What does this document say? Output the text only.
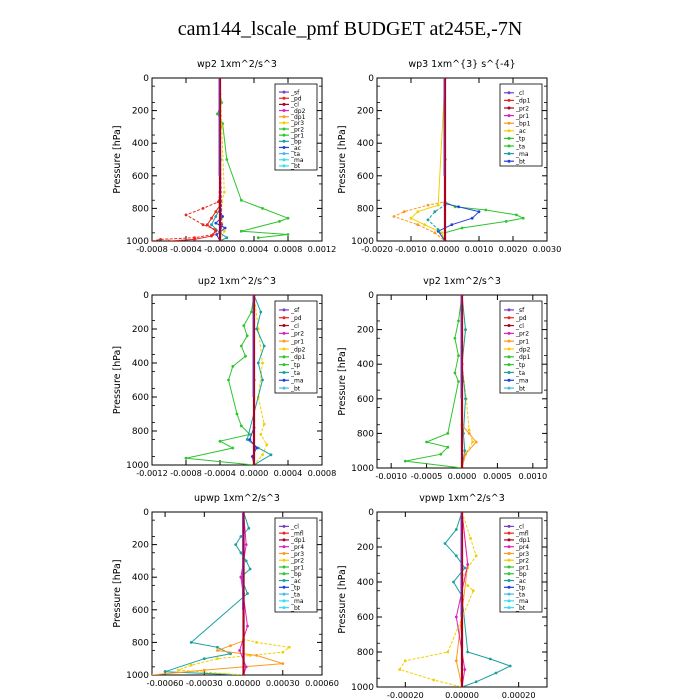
cam144_lscale_pmf BUDGET at245E,-7N
wp2 1xm^2/s^3
Pressure [hPa]
0
200
400
600
800
1000
-0.0008 -0.0004 -0.0000 0.0004 0.0008 0.0012
_sf
_pd
_cl
_dp2
_dp1
_pr3
_pr2
_pr1
_bp
_ac
_ta
_ma
_bt
wp3 1xm^{3} s^{-4}
Pressure [hPa]
0
200
400
600
800
1000
-0.0020 -0.0010 0.0000 0.0010 0.0020 0.0030
_cl
_dp1
_pr2
_pr1
_bp1
_ac
_tp
_ta
_ma
_bt
up2 1xm^2/s^3
Pressure [hPa]
0
200
400
600
800
1000
-0.0012 -0.0008 -0.0004 0.0000 0.0004 0.0008
_sf
_pd
_cl
_pr2
_pr1
_dp2
_dp1
_tp
_ta
_ma
_bt
vp2 1xm^2/s^3
Pressure [hPa]
0
200
400
600
800
1000
-0.0010 -0.0005 0.0000 0.0005 0.0010
_sf
_pd
_cl
_pr2
_pr1
_dp2
_dp1
_tp
_ta
_ma
_bt
upwp 1xm^2/s^3
Pressure [hPa]
0
200
400
600
800
1000
-0.00060 -0.00030 0.00000 0.00030 0.00060
_cl
_mfl
_dp1
_pr4
_pr3
_pr2
_pr1
_bp
_ac
_tp
_ta
_ma
_bt
vpwp 1xm^2/s^3
Pressure [hPa]
0
200
400
600
800
1000
-0.00020	0.00000	0.00020
_cl
_mfl
_dp1
_pr4
_pr3
_pr2
_pr1
_bp
_ac
_tp
_ta
_ma
_bt
